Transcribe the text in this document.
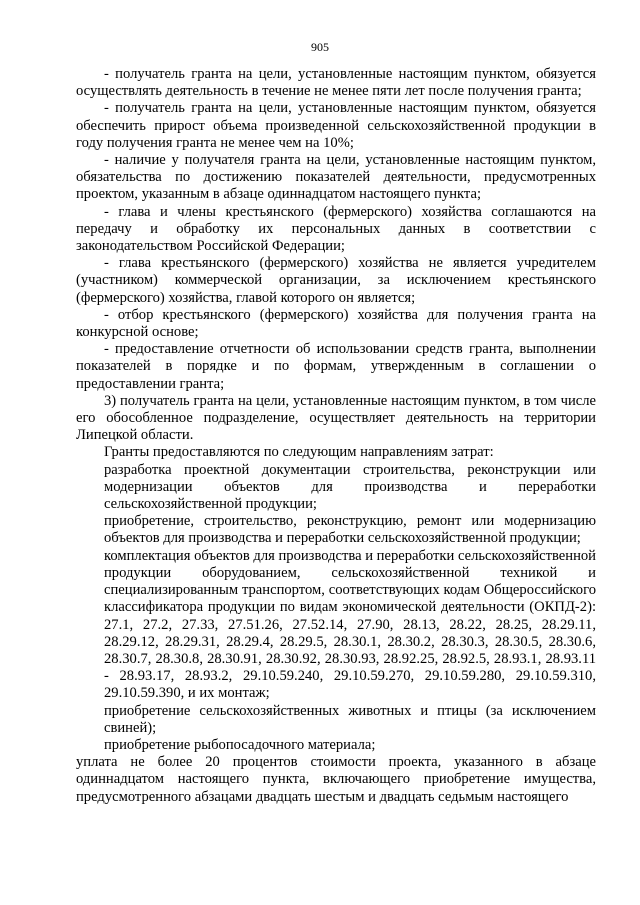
905

- получатель гранта на цели, установленные настоящим пунктом, обязуется осуществлять деятельность в течение не менее пяти лет после получения гранта;

- получатель гранта на цели, установленные настоящим пунктом, обязуется обеспечить прирост объема произведенной сельскохозяйственной продукции в году получения гранта не менее чем на 10%;

- наличие у получателя гранта на цели, установленные настоящим пунктом, обязательства по достижению показателей деятельности, предусмотренных проектом, указанным в абзаце одиннадцатом настоящего пункта;

- глава и члены крестьянского (фермерского) хозяйства соглашаются на передачу и обработку их персональных данных в соответствии с законодательством Российской Федерации;

- глава крестьянского (фермерского) хозяйства не является учредителем (участником) коммерческой организации, за исключением крестьянского (фермерского) хозяйства, главой которого он является;

- отбор крестьянского (фермерского) хозяйства для получения гранта на конкурсной основе;

- предоставление отчетности об использовании средств гранта, выполнении показателей в порядке и по формам, утвержденным в соглашении о предоставлении гранта;

3) получатель гранта на цели, установленные настоящим пунктом, в том числе его обособленное подразделение, осуществляет деятельность на территории Липецкой области.

Гранты предоставляются по следующим направлениям затрат:

разработка проектной документации строительства, реконструкции или модернизации объектов для производства и переработки сельскохозяйственной продукции;

приобретение, строительство, реконструкцию, ремонт или модернизацию объектов для производства и переработки сельскохозяйственной продукции;

комплектация объектов для производства и переработки сельскохозяйственной продукции оборудованием, сельскохозяйственной техникой и специализированным транспортом, соответствующих кодам Общероссийского классификатора продукции по видам экономической деятельности (ОКПД-2): 27.1, 27.2, 27.33, 27.51.26, 27.52.14, 27.90, 28.13, 28.22, 28.25, 28.29.11, 28.29.12, 28.29.31, 28.29.4, 28.29.5, 28.30.1, 28.30.2, 28.30.3, 28.30.5, 28.30.6, 28.30.7, 28.30.8, 28.30.91, 28.30.92, 28.30.93, 28.92.25, 28.92.5, 28.93.1, 28.93.11 - 28.93.17, 28.93.2, 29.10.59.240, 29.10.59.270, 29.10.59.280, 29.10.59.310, 29.10.59.390, и их монтаж;

приобретение сельскохозяйственных животных и птицы (за исключением свиней);

приобретение рыбопосадочного материала;

уплата не более 20 процентов стоимости проекта, указанного в абзаце одиннадцатом настоящего пункта, включающего приобретение имущества, предусмотренного абзацами двадцать шестым и двадцать седьмым настоящего
